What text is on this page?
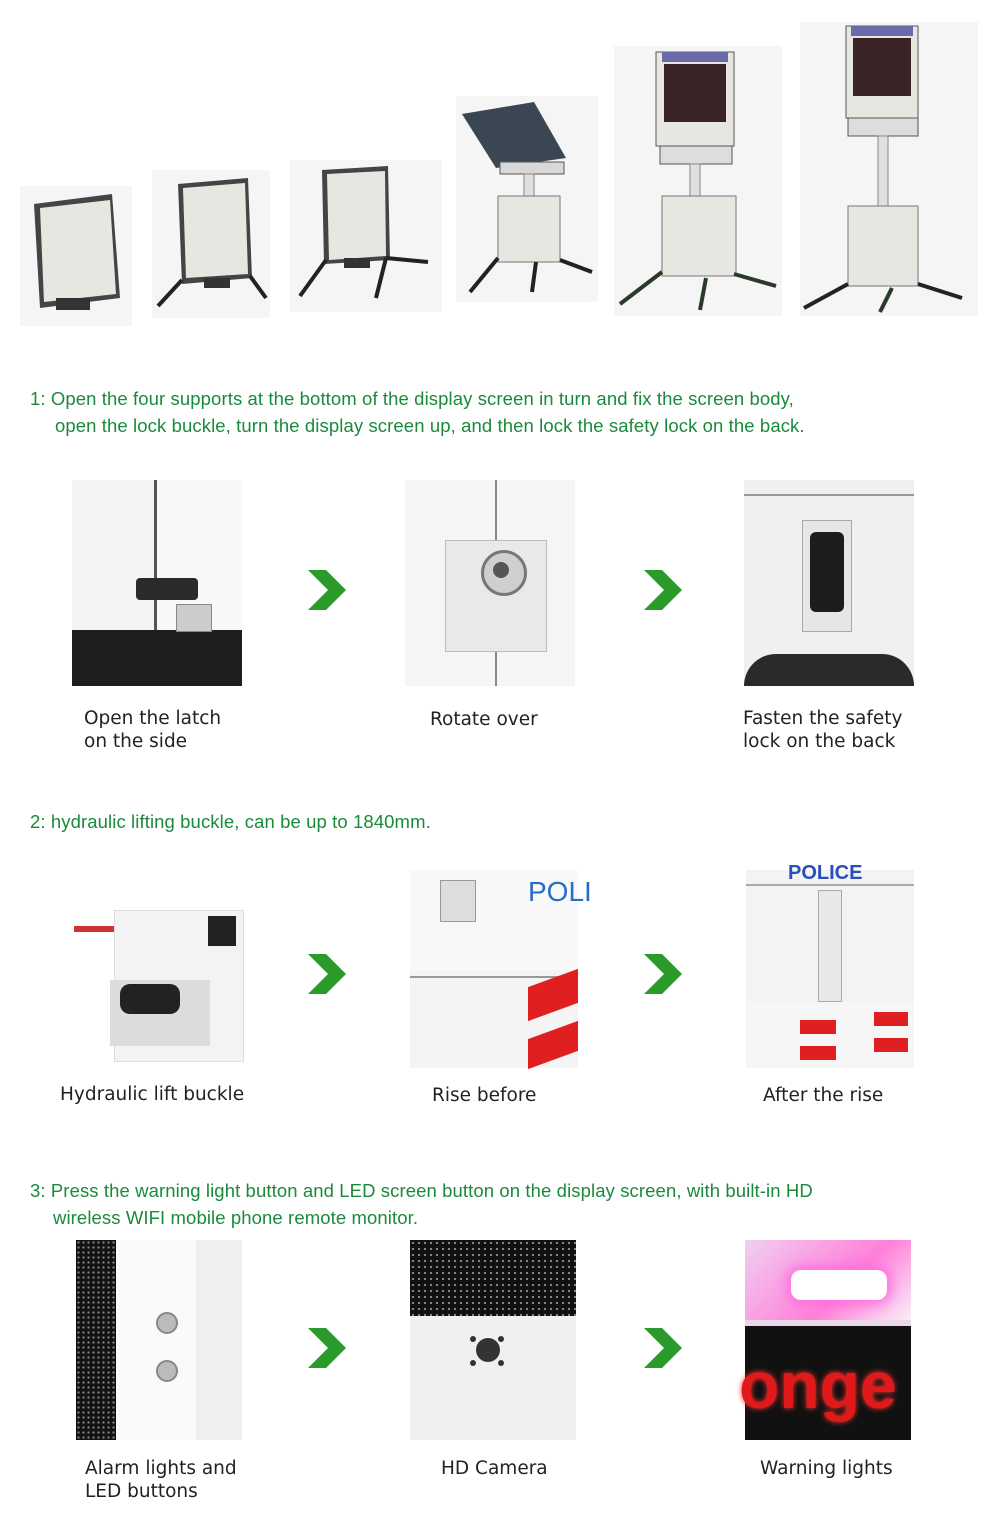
1: Open the four supports at the bottom of the display screen in turn and fix the screen body,
open the lock buckle, turn the display screen up, and then lock the safety lock on the back.
Open the latch
on the side
Rotate over	Fasten the safety
lock on the back
2: hydraulic lifting buckle, can be up to 1840mm.
POLI
POLICE
Hydraulic lift buckle	Rise before	After the rise
3: Press the warning light button and LED screen button on the display screen, with built-in HD
wireless WIFI mobile phone remote monitor.
onge
Alarm lights and
LED buttons
HD Camera	Warning lights
